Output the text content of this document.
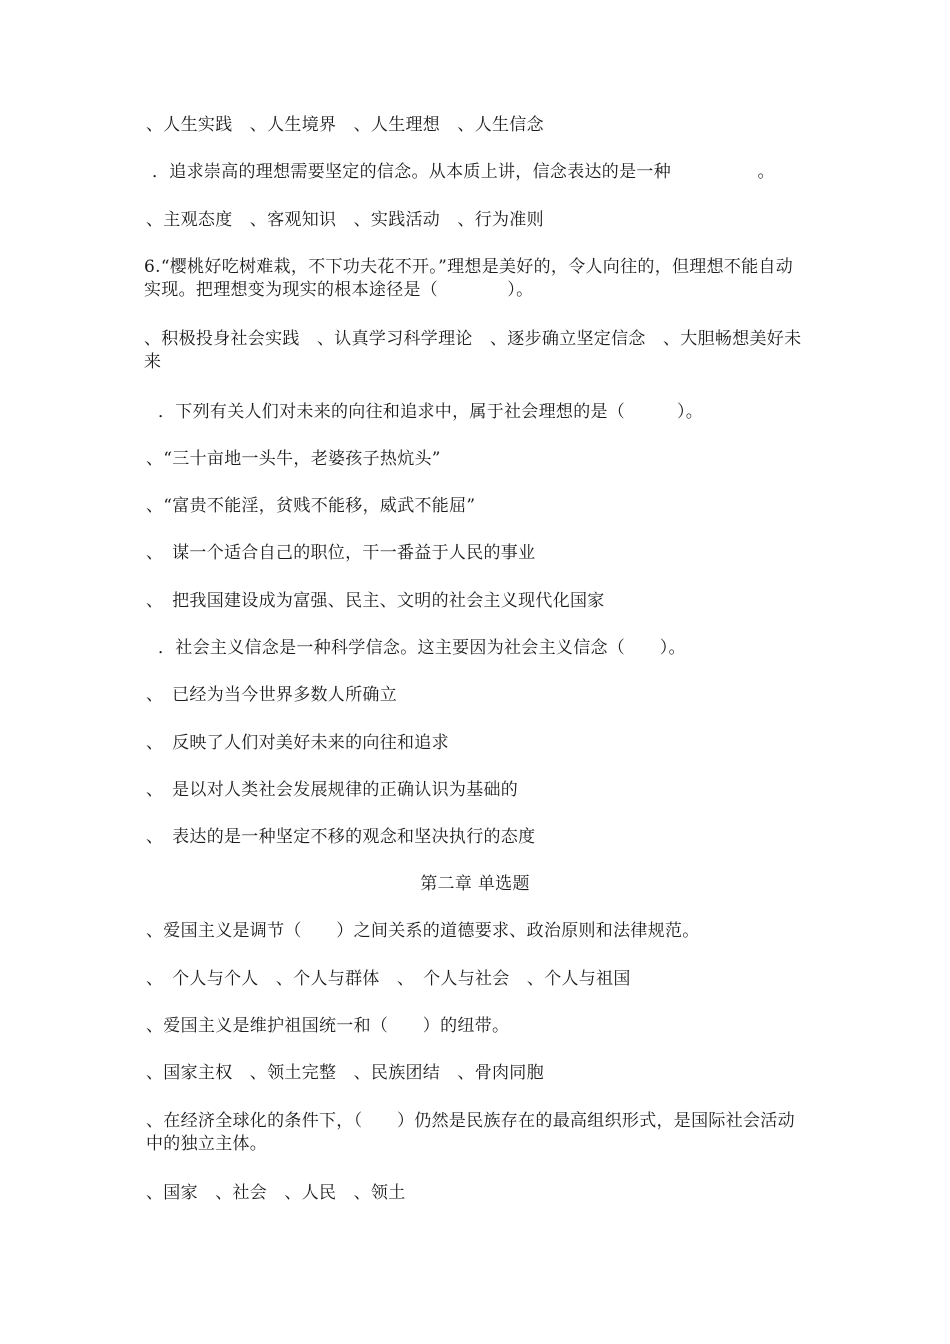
、人生实践　、人生境界　、人生理想　、人生信念
．追求崇高的理想需要坚定的信念。从本质上讲，信念表达的是一种　　　　　。
、主观态度　、客观知识　、实践活动　、行为准则
6.“樱桃好吃树难栽，不下功夫花不开。”理想是美好的，令人向往的，但理想不能自动实现。把理想变为现实的根本途径是（　　　　）。
、积极投身社会实践　、认真学习科学理论　、逐步确立坚定信念　、大胆畅想美好未来
．下列有关人们对未来的向往和追求中，属于社会理想的是（　　　）。
、“三十亩地一头牛，老婆孩子热炕头”
、“富贵不能淫，贫贱不能移，威武不能屈”
、　谋一个适合自己的职位，干一番益于人民的事业
、　把我国建设成为富强、民主、文明的社会主义现代化国家
．社会主义信念是一种科学信念。这主要因为社会主义信念（　　）。
、　已经为当今世界多数人所确立
、　反映了人们对美好未来的向往和追求
、　是以对人类社会发展规律的正确认识为基础的
、　表达的是一种坚定不移的观念和坚决执行的态度
第二章 单选题
、爱国主义是调节（　　）之间关系的道德要求、政治原则和法律规范。
、　个人与个人　、个人与群体　、　个人与社会　、个人与祖国
、爱国主义是维护祖国统一和（　　）的纽带。
、国家主权　、领土完整　、民族团结　、骨肉同胞
、在经济全球化的条件下，（　　）仍然是民族存在的最高组织形式，是国际社会活动中的独立主体。
、国家　、社会　、人民　、领土
